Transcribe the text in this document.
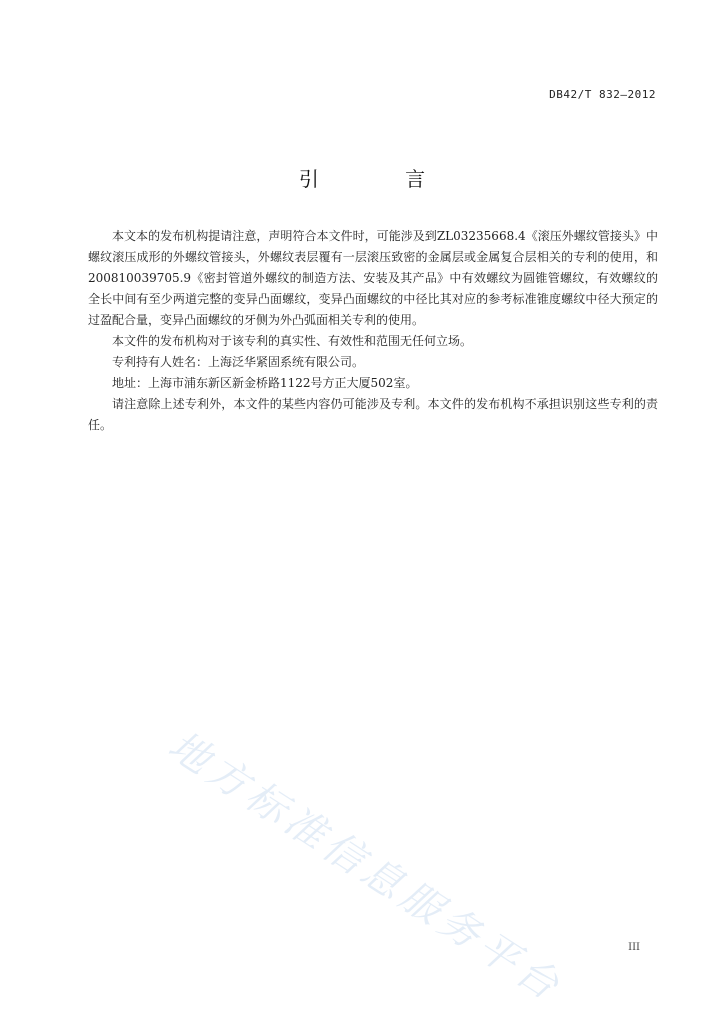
DB42/T 832—2012
引	言

本文本的发布机构提请注意，声明符合本文件时，可能涉及到ZL03235668.4《滚压外螺纹管接头》中螺纹滚压成形的外螺纹管接头，外螺纹表层覆有一层滚压致密的金属层或金属复合层相关的专利的使用，和200810039705.9《密封管道外螺纹的制造方法、安装及其产品》中有效螺纹为圆锥管螺纹，有效螺纹的全长中间有至少两道完整的变异凸面螺纹，变异凸面螺纹的中径比其对应的参考标准锥度螺纹中径大预定的过盈配合量，变异凸面螺纹的牙侧为外凸弧面相关专利的使用。

本文件的发布机构对于该专利的真实性、有效性和范围无任何立场。

专利持有人姓名：上海泛华紧固系统有限公司。

地址：上海市浦东新区新金桥路1122号方正大厦502室。

请注意除上述专利外，本文件的某些内容仍可能涉及专利。本文件的发布机构不承担识别这些专利的责任。

地方标准信息服务平台	III
